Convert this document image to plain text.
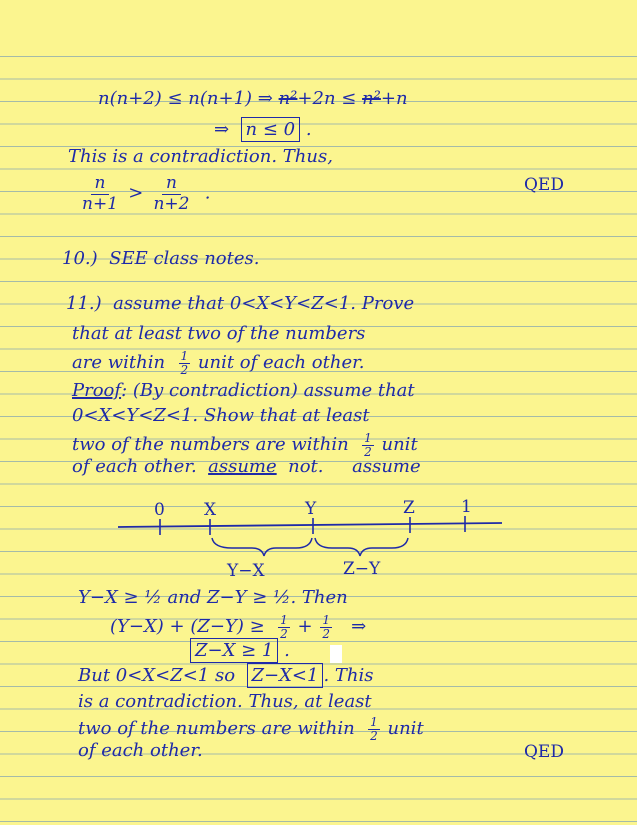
n(n+2) ≤ n(n+1) ⇒ n²+2n ≤ n²+n
⇒ n ≤ 0 .
This is a contradiction. Thus,
$\frac{n}{n+1} > \frac{n}{n+2}$ .	QED
10.) SEE class notes.
11.) assume that 0<X<Y<Z<1. Prove
that at least two of the numbers
are within $\frac{1}{2}$ unit of each other.
Proof: (By contradiction) assume that
0<X<Y<Z<1. Show that at least
two of the numbers are within $\frac{1}{2}$ unit
of each other. assume not. assume
0 X	Y	Z	1
Y−X	Z−Y
Y−X ≥ ½ and Z−Y ≥ ½. Then
$(Y-X) + (Z-Y) \ge \frac{1}{2} + \frac{1}{2}$ ⇒
Z−X ≥ 1 .
But 0<X<Z<1 so Z−X<1 . This
is a contradiction. Thus, at least
two of the numbers are within $\frac{1}{2}$ unit
of each other.	QED
